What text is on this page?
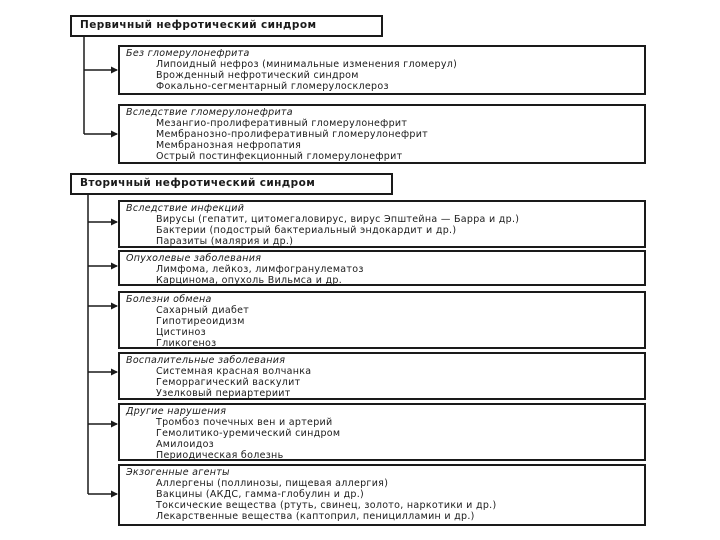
Первичный нефротический синдром
Без гломерулонефрита
Липоидный нефроз (минимальные изменения гломерул)
Врожденный нефротический синдром
Фокально-сегментарный гломерулосклероз
Вследствие гломерулонефрита
Мезангио-пролиферативный гломерулонефрит
Мембранозно-пролиферативный гломерулонефрит
Мембранозная нефропатия
Острый постинфекционный гломерулонефрит
Вторичный нефротический синдром
Вследствие инфекций
Вирусы (гепатит, цитомегаловирус, вирус Эпштейна — Барра и др.)
Бактерии (подострый бактериальный эндокардит и др.)
Паразиты (малярия и др.)
Опухолевые заболевания
Лимфома, лейкоз, лимфогранулематоз
Карциномa, опухоль Вильмса и др.
Болезни обмена
Сахарный диабет
Гипотиреоидизм
Цистиноз
Гликогеноз
Воспалительные заболевания
Системная красная волчанка
Геморрагический васкулит
Узелковый периартериит
Другие нарушения
Тромбоз почечных вен и артерий
Гемолитико-уремический синдром
Амилоидоз
Периодическая болезнь
Экзогенные агенты
Аллергены (поллинозы, пищевая аллергия)
Вакцины (АКДС, гамма-глобулин и др.)
Токсические вещества (ртуть, свинец, золото, наркотики и др.)
Лекарственные вещества (каптоприл, пеницилламин и др.)
